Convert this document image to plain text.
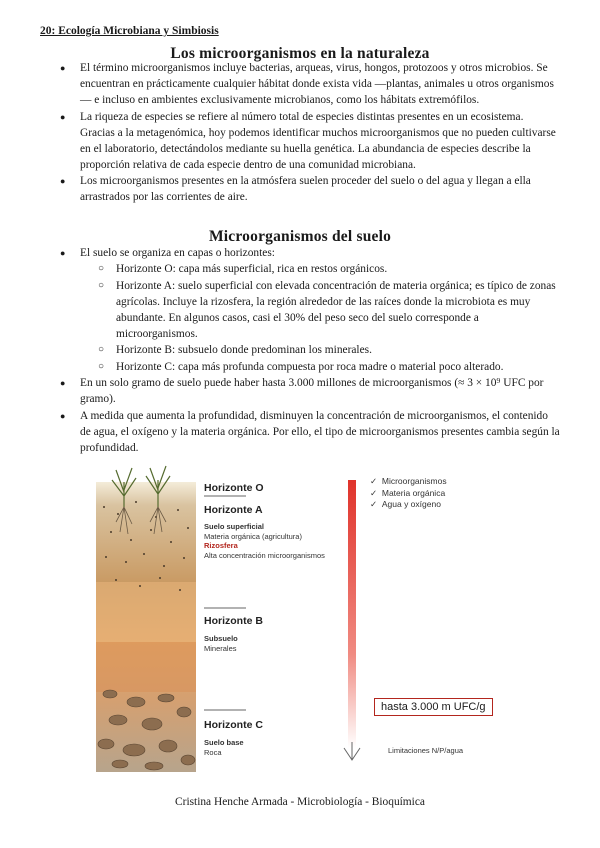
20: Ecología Microbiana y Simbiosis
Los microorganismos en la naturaleza
● El término microorganismos incluye bacterias, arqueas, virus, hongos, protozoos y otros microbios. Se encuentran en prácticamente cualquier hábitat donde exista vida —plantas, animales u otros organismos— e incluso en ambientes exclusivamente microbianos, como los hábitats extremófilos.
● La riqueza de especies se refiere al número total de especies distintas presentes en un ecosistema. Gracias a la metagenómica, hoy podemos identificar muchos microorganismos que no pueden cultivarse en el laboratorio, detectándolos mediante su huella genética. La abundancia de especies describe la proporción relativa de cada especie dentro de una comunidad microbiana.
● Los microorganismos presentes en la atmósfera suelen proceder del suelo o del agua y llegan a ella arrastrados por las corrientes de aire.
Microorganismos del suelo
● El suelo se organiza en capas o horizontes:
○ Horizonte O: capa más superficial, rica en restos orgánicos.
○ Horizonte A: suelo superficial con elevada concentración de materia orgánica; es típico de zonas agrícolas. Incluye la rizosfera, la región alrededor de las raíces donde la microbiota es muy abundante. En algunos casos, casi el 30% del peso seco del suelo corresponde a microorganismos.
○ Horizonte B: subsuelo donde predominan los minerales.
○ Horizonte C: capa más profunda compuesta por roca madre o material poco alterado.
● En un solo gramo de suelo puede haber hasta 3.000 millones de microorganismos (≈ 3 × 10⁹ UFC por gramo).
● A medida que aumenta la profundidad, disminuyen la concentración de microorganismos, el contenido de agua, el oxígeno y la materia orgánica. Por ello, el tipo de microorganismos presentes cambia según la profundidad.
Horizonte O
Horizonte A
Suelo superficial
Materia orgánica (agricultura)
Rizosfera
Alta concentración microorganismos
Horizonte B
Subsuelo
Minerales
Horizonte C
Suelo base
Roca
✓ Microorganismos
✓ Materia orgánica
✓ Agua y oxígeno
hasta 3.000 m UFC/g
Limitaciones N/P/agua
Cristina Henche Armada - Microbiología - Bioquímica
